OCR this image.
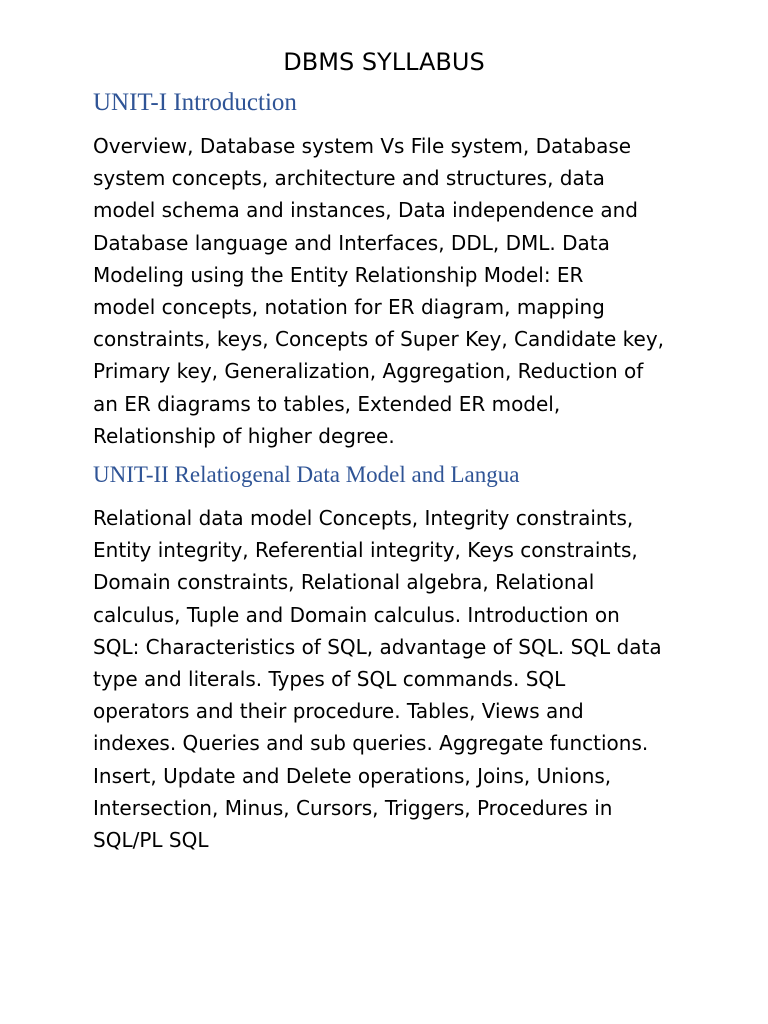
DBMS SYLLABUS
UNIT-I Introduction

Overview, Database system Vs File system, Database
system concepts, architecture and structures, data
model schema and instances, Data independence and
Database language and Interfaces, DDL, DML. Data
Modeling using the Entity Relationship Model: ER
model concepts, notation for ER diagram, mapping
constraints, keys, Concepts of Super Key, Candidate key,
Primary key, Generalization, Aggregation, Reduction of
an ER diagrams to tables, Extended ER model,
Relationship of higher degree.

UNIT-II Relatiogenal Data Model and Langua

Relational data model Concepts, Integrity constraints,
Entity integrity, Referential integrity, Keys constraints,
Domain constraints, Relational algebra, Relational
calculus, Tuple and Domain calculus. Introduction on
SQL: Characteristics of SQL, advantage of SQL. SQL data
type and literals. Types of SQL commands. SQL
operators and their procedure. Tables, Views and
indexes. Queries and sub queries. Aggregate functions.
Insert, Update and Delete operations, Joins, Unions,
Intersection, Minus, Cursors, Triggers, Procedures in
SQL/PL SQL
